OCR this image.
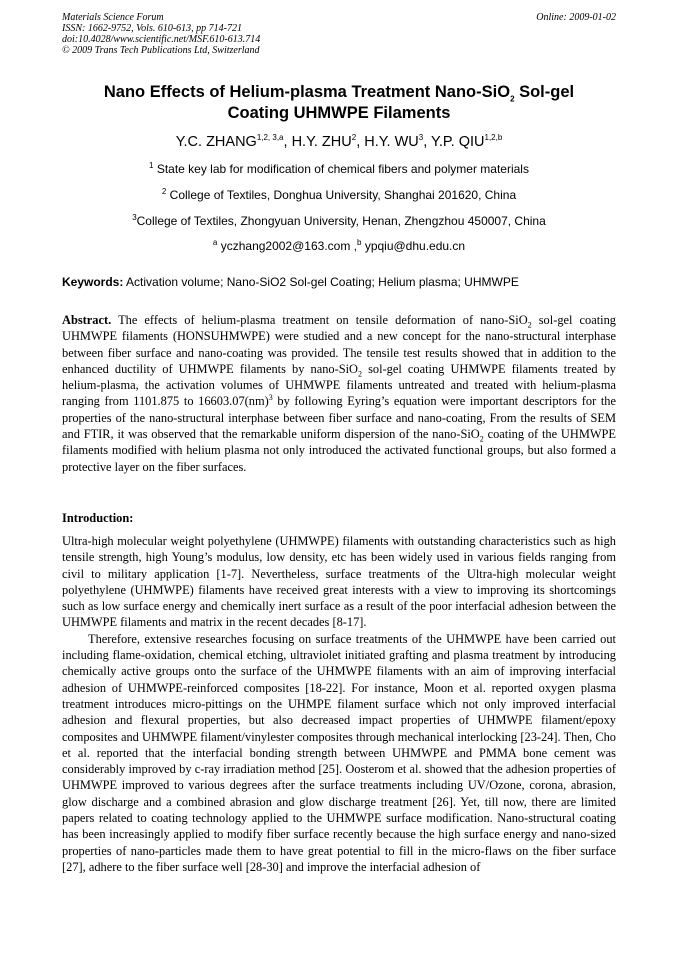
Materials Science Forum
ISSN: 1662-9752, Vols. 610-613, pp 714-721
doi:10.4028/www.scientific.net/MSF.610-613.714
© 2009 Trans Tech Publications Ltd, Switzerland
Online: 2009-01-02
Nano Effects of Helium-plasma Treatment Nano-SiO$_2$ Sol-gel
Coating UHMWPE Filaments
Y.C. ZHANG$^{1,2, 3,a}$, H.Y. ZHU$^2$, H.Y. $WU^3$, Y.P. QIU$^{1,2,b}$
$^1$ State key lab for modification of chemical fibers and polymer materials
$^2$ College of Textiles, Donghua University, Shanghai 201620, China
$^3$College of Textiles, Zhongyuan University, Henan, Zhengzhou 450007, China
$^a$ yczhang2002@163.com ,$^b$ ypqiu@dhu.edu.cn
Keywords: Activation volume; Nano-SiO2 Sol-gel Coating; Helium plasma; UHMWPE

Abstract. The effects of helium-plasma treatment on tensile deformation of nano-SiO$_2$ sol-gel coating UHMWPE filaments (HONSUHMWPE) were studied and a new concept for the nano-structural interphase between fiber surface and nano-coating was provided. The tensile test results showed that in addition to the enhanced ductility of UHMWPE filaments by nano-SiO$_2$ sol-gel coating UHMWPE filaments treated by helium-plasma, the activation volumes of UHMWPE filaments untreated and treated with helium-plasma ranging from 1101.875 to 16603.07(nm)$^3$ by following Eyring’s equation were important descriptors for the properties of the nano-structural interphase between fiber surface and nano-coating, From the results of SEM and FTIR, it was observed that the remarkable uniform dispersion of the nano-SiO$_2$ coating of the UHMWPE filaments modified with helium plasma not only introduced the activated functional groups, but also formed a protective layer on the fiber surfaces.

Introduction:

Ultra-high molecular weight polyethylene (UHMWPE) filaments with outstanding characteristics such as high tensile strength, high Young’s modulus, low density, etc has been widely used in various fields ranging from civil to military application [1-7]. Nevertheless, surface treatments of the Ultra-high molecular weight polyethylene (UHMWPE) filaments have received great interests with a view to improving its shortcomings such as low surface energy and chemically inert surface as a result of the poor interfacial adhesion between the UHMWPE filaments and matrix in the recent decades [8-17].

Therefore, extensive researches focusing on surface treatments of the UHMWPE have been carried out including flame-oxidation, chemical etching, ultraviolet initiated grafting and plasma treatment by introducing chemically active groups onto the surface of the UHMWPE filaments with an aim of improving interfacial adhesion of UHMWPE-reinforced composites [18-22]. For instance, Moon et al. reported oxygen plasma treatment introduces micro-pittings on the UHMPE filament surface which not only improved interfacial adhesion and flexural properties, but also decreased impact properties of UHMWPE filament/epoxy composites and UHMWPE filament/vinylester composites through mechanical interlocking [23-24]. Then, Cho et al. reported that the interfacial bonding strength between UHMWPE and PMMA bone cement was considerably improved by c-ray irradiation method [25]. Oosterom et al. showed that the adhesion properties of UHMWPE improved to various degrees after the surface treatments including UV/Ozone, corona, abrasion, glow discharge and a combined abrasion and glow discharge treatment [26]. Yet, till now, there are limited papers related to coating technology applied to the UHMWPE surface modification. Nano-structural coating has been increasingly applied to modify fiber surface recently because the high surface energy and nano-sized properties of nano-particles made them to have great potential to fill in the micro-flaws on the fiber surface [27], adhere to the fiber surface well [28-30] and improve the interfacial adhesion of
